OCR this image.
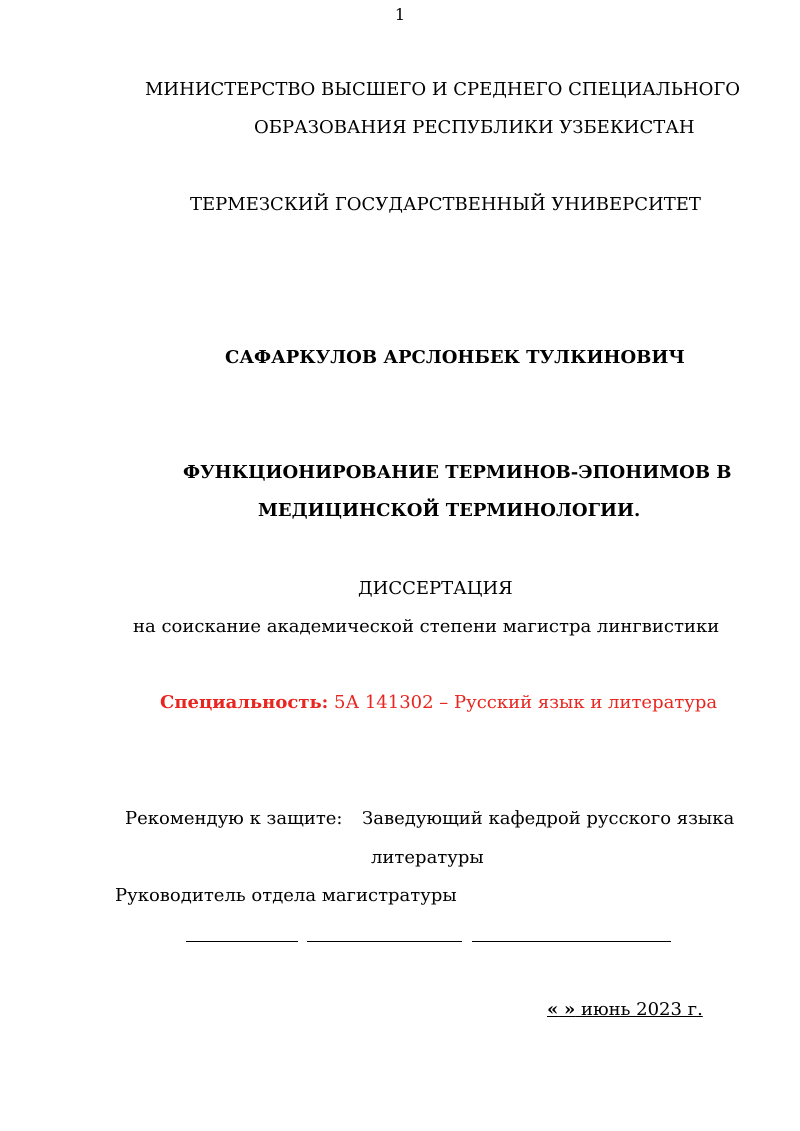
1
МИНИСТЕРСТВО ВЫСШЕГО И СРЕДНЕГО СПЕЦИАЛЬНОГО
ОБРАЗОВАНИЯ РЕСПУБЛИКИ УЗБЕКИСТАН
ТЕРМЕЗСКИЙ ГОСУДАРСТВЕННЫЙ УНИВЕРСИТЕТ
САФАРКУЛОВ АРСЛОНБЕК ТУЛКИНОВИЧ
ФУНКЦИОНИРОВАНИЕ ТЕРМИНОВ-ЭПОНИМОВ В
МЕДИЦИНСКОЙ ТЕРМИНОЛОГИИ.
ДИССЕРТАЦИЯ
на соискание академической степени магистра лингвистики
Специальность: 5А 141302 – Русский язык и литература
Рекомендую к защите: Заведующий кафедрой русского языка
литературы
Руководитель отдела магистратуры
« » июнь 2023 г.
